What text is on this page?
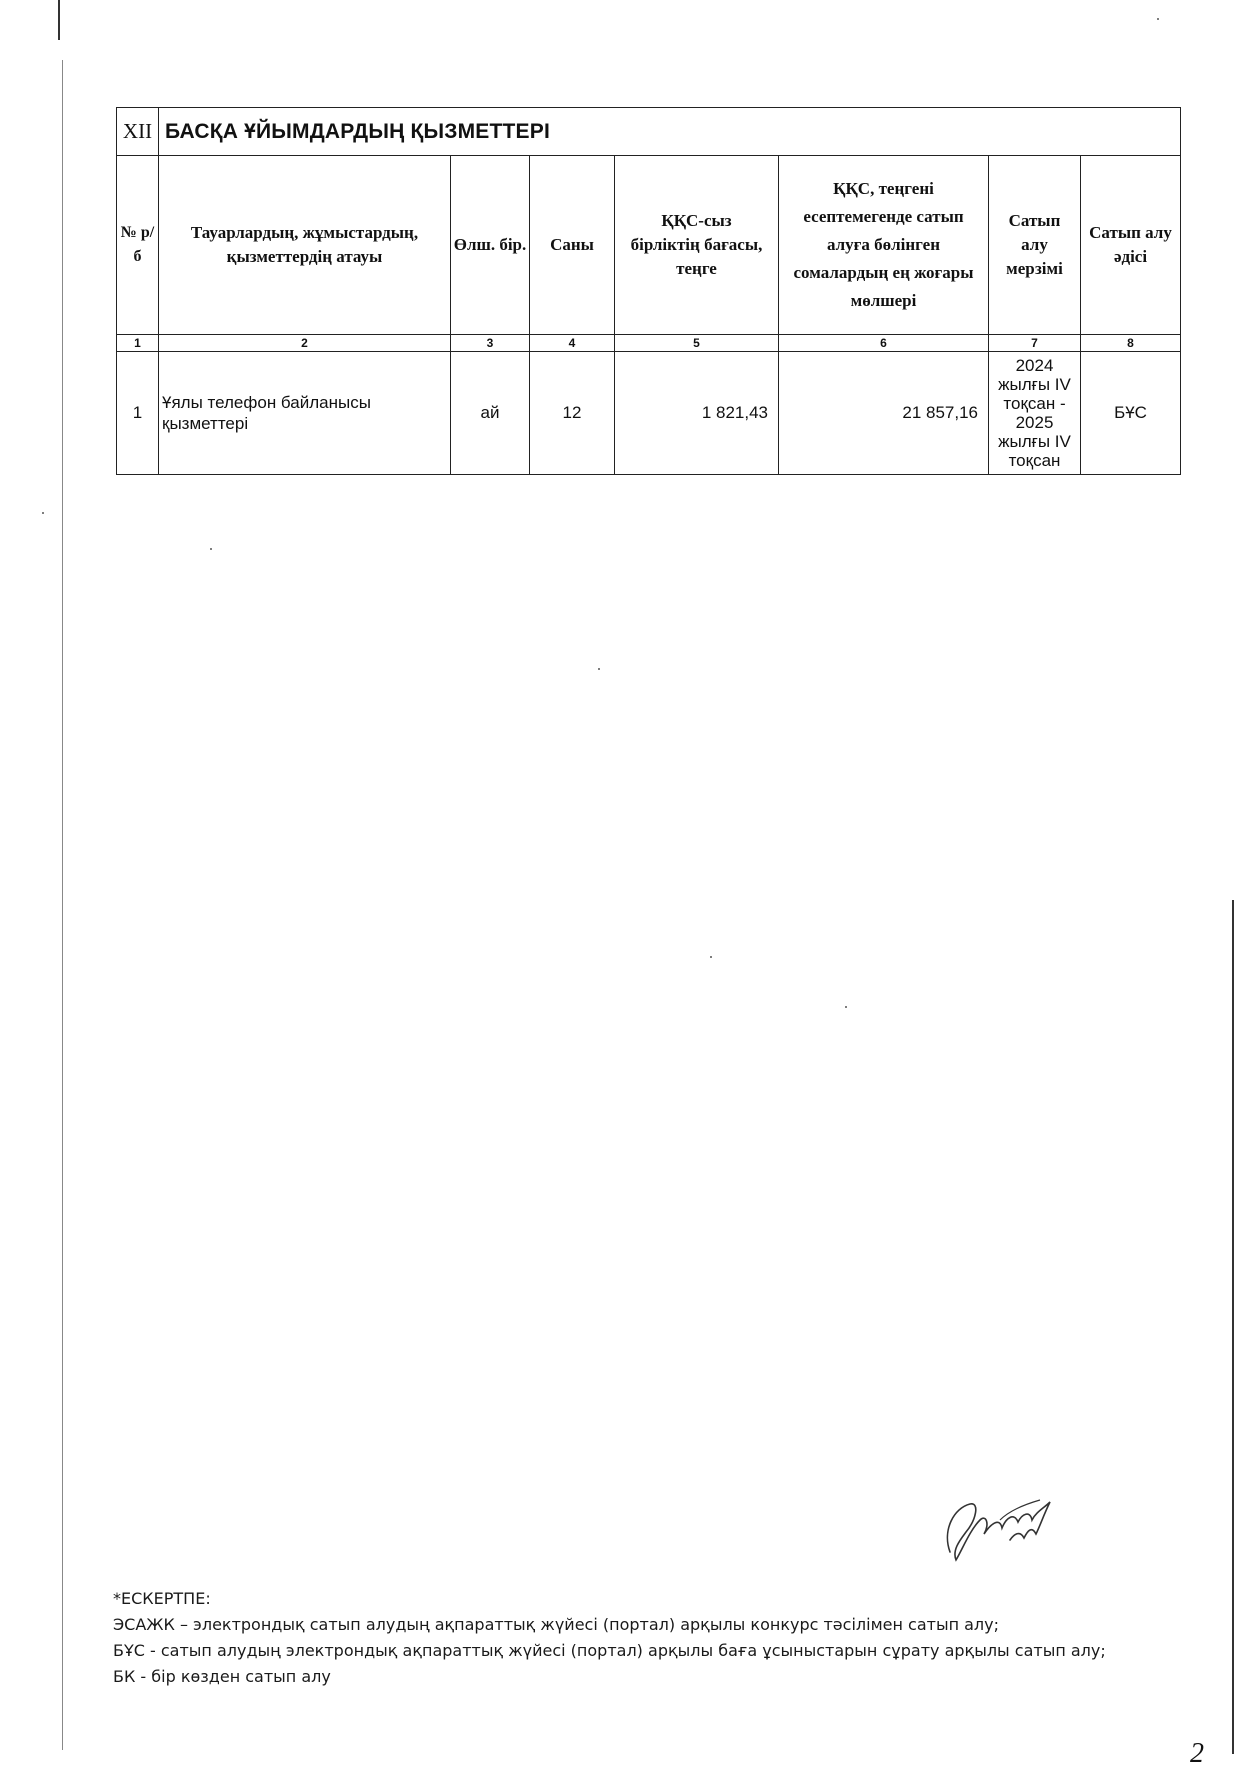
XII	БАСҚА ҰЙЫМДАРДЫҢ ҚЫЗМЕТТЕРІ						
№ р/б	Тауарлардың, жұмыстардың, қызметтердің атауы	Өлш. бір.	Саны	ҚҚС-сыз бірліктің бағасы, теңге	ҚҚС, теңгені есептемегенде сатып алуға бөлінген сомалардың ең жоғары мөлшері	Сатып алу мерзімі	Сатып алу әдісі
1	2	3	4	5	6	7	8
1	Ұялы телефон байланысы қызметтері	ай	12	1 821,43	21 857,16	2024 жылғы IV тоқсан - 2025 жылғы IV тоқсан	БҰС
*ЕСКЕРТПЕ:
ЭСАЖК – электрондық сатып алудың ақпараттық жүйесі (портал) арқылы конкурс тәсілімен сатып алу;
БҰС - сатып алудың электрондық ақпараттық жүйесі (портал) арқылы баға ұсыныстарын сұрату арқылы сатып алу; БК - бір көзден сатып алу
2
